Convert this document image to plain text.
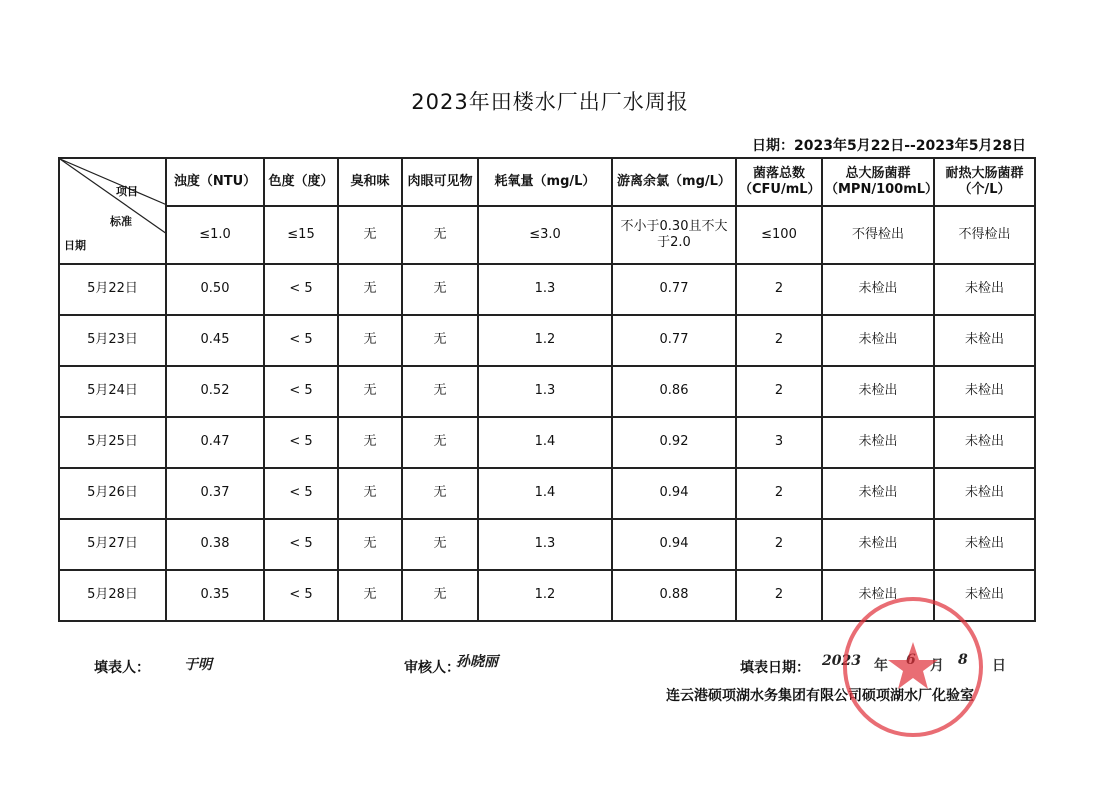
2023年田楼水厂出厂水周报
日期：2023年5月22日--2023年5月28日
项目
标准
日期	浊度（NTU）	色度（度）	臭和味	肉眼可见物	耗氧量（mg/L）	游离余氯（mg/L）	菌落总数（CFU/mL）	总大肠菌群（MPN/100mL）	耐热大肠菌群（个/L）
	≤1.0	≤15	无	无	≤3.0	不小于0.30且不大于2.0	≤100	不得检出	不得检出
5月22日	0.50	< 5	无	无	1.3	0.77	2	未检出	未检出
5月23日	0.45	< 5	无	无	1.2	0.77	2	未检出	未检出
5月24日	0.52	< 5	无	无	1.3	0.86	2	未检出	未检出
5月25日	0.47	< 5	无	无	1.4	0.92	3	未检出	未检出
5月26日	0.37	< 5	无	无	1.4	0.94	2	未检出	未检出
5月27日	0.38	< 5	无	无	1.3	0.94	2	未检出	未检出
5月28日	0.35	< 5	无	无	1.2	0.88	2	未检出	未检出
填表人： 于明	审核人：
孙晓丽	填表日期： 2023 年	月 8 日
连云港硕项湖水务集团有限公司硕项湖水厂化验室
